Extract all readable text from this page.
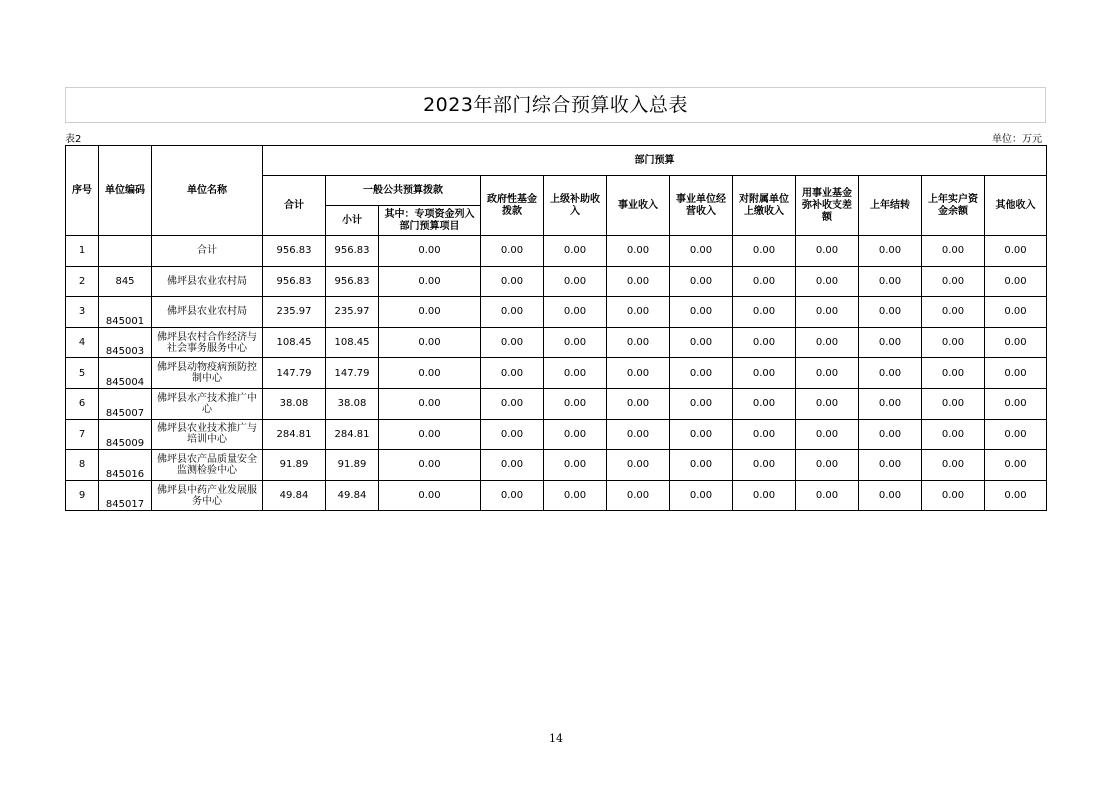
2023年部门综合预算收入总表
表2	单位：万元
序号	单位编码	单位名称	部门预算											
			合计	一般公共预算拨款		政府性基金拨款	上级补助收入	事业收入	事业单位经营收入	对附属单位上缴收入	用事业基金弥补收支差额	上年结转	上年实户资金余额	其他收入
				小计	其中：专项资金列入部门预算项目									
1		合计	956.83	956.83	0.00	0.00	0.00	0.00	0.00	0.00	0.00	0.00	0.00	0.00
2	845	佛坪县农业农村局	956.83	956.83	0.00	0.00	0.00	0.00	0.00	0.00	0.00	0.00	0.00	0.00
3	845001	佛坪县农业农村局	235.97	235.97	0.00	0.00	0.00	0.00	0.00	0.00	0.00	0.00	0.00	0.00
4	845003	佛坪县农村合作经济与社会事务服务中心	108.45	108.45	0.00	0.00	0.00	0.00	0.00	0.00	0.00	0.00	0.00	0.00
5	845004	佛坪县动物疫病预防控制中心	147.79	147.79	0.00	0.00	0.00	0.00	0.00	0.00	0.00	0.00	0.00	0.00
6	845007	佛坪县水产技术推广中心	38.08	38.08	0.00	0.00	0.00	0.00	0.00	0.00	0.00	0.00	0.00	0.00
7	845009	佛坪县农业技术推广与培训中心	284.81	284.81	0.00	0.00	0.00	0.00	0.00	0.00	0.00	0.00	0.00	0.00
8	845016	佛坪县农产品质量安全监测检验中心	91.89	91.89	0.00	0.00	0.00	0.00	0.00	0.00	0.00	0.00	0.00	0.00
9	845017	佛坪县中药产业发展服务中心	49.84	49.84	0.00	0.00	0.00	0.00	0.00	0.00	0.00	0.00	0.00	0.00
14
